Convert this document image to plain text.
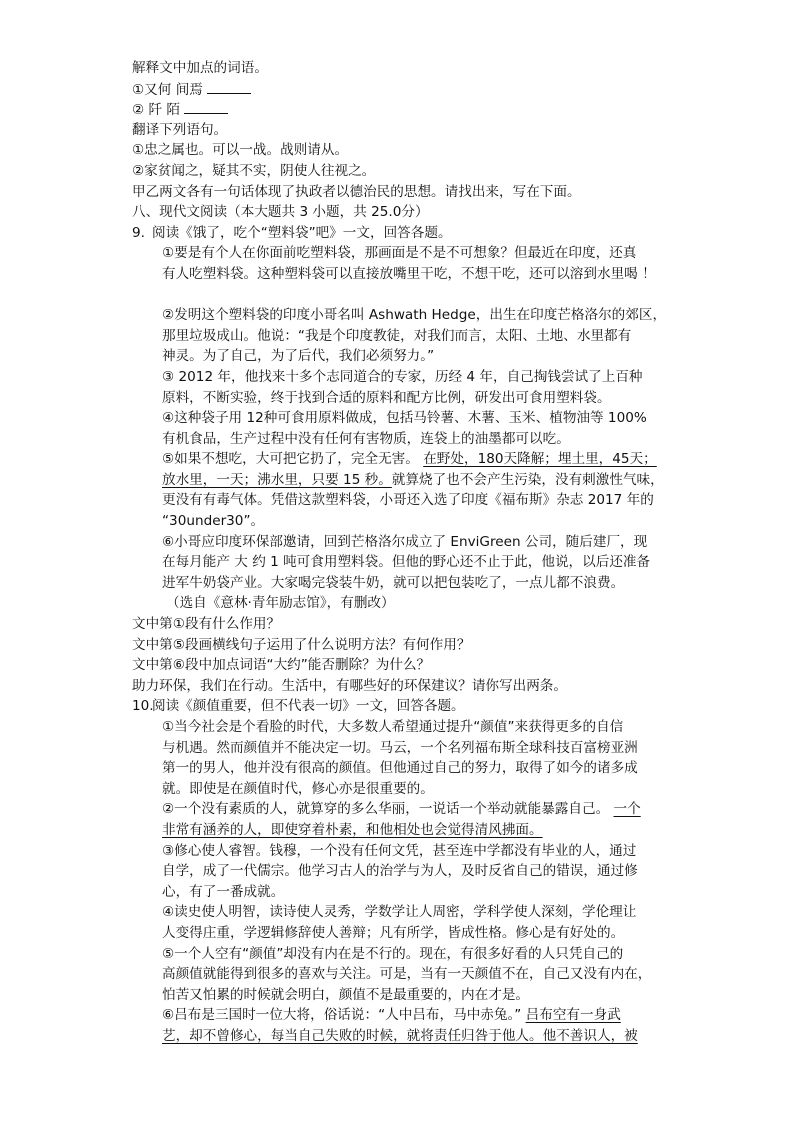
解释文中加点的词语。
①又何 间焉
② 阡 陌
翻译下列语句。
①忠之属也。可以一战。战则请从。
②家贫闻之，疑其不实，阴使人往视之。
甲乙两文各有一句话体现了执政者以德治民的思想。请找出来，写在下面。
八、现代文阅读（本大题共 3 小题，共 25.0分）
9. 阅读《饿了，吃个“塑料袋”吧》一文，回答各题。
①要是有个人在你面前吃塑料袋，那画面是不是不可想象？但最近在印度，还真
有人吃塑料袋。这种塑料袋可以直接放嘴里干吃，不想干吃，还可以溶到水里喝 ！
②发明这个塑料袋的印度小哥名叫 Ashwath Hedge，出生在印度芒格洛尔的郊区，
那里垃圾成山。他说：“我是个印度教徒，对我们而言，太阳、土地、水里都有
神灵。为了自己，为了后代，我们必须努力。”
③ 2012 年，他找来十多个志同道合的专家，历经 4 年，自己掏钱尝试了上百种
原料，不断实验，终于找到合适的原料和配方比例，研发出可食用塑料袋。
④这种袋子用 12种可食用原料做成，包括马铃薯、木薯、玉米、植物油等 100%
有机食品，生产过程中没有任何有害物质，连袋上的油墨都可以吃。
⑤如果不想吃，大可把它扔了，完全无害。 在野处，180天降解；埋土里，45天；
放水里，一天；沸水里，只要 15 秒。就算烧了也不会产生污染，没有刺激性气味，
更没有有毒气体。凭借这款塑料袋，小哥还入选了印度《福布斯》杂志 2017 年的
“30under30”。
⑥小哥应印度环保部邀请，回到芒格洛尔成立了 EnviGreen 公司，随后建厂，现
在每月能产 大 约 1 吨可食用塑料袋。但他的野心还不止于此，他说，以后还准备
进军牛奶袋产业。大家喝完袋装牛奶，就可以把包装吃了，一点儿都不浪费。
（选自《意林·青年励志馆》，有删改）
文中第①段有什么作用？
文中第⑤段画横线句子运用了什么说明方法？有何作用？
文中第⑥段中加点词语“大约”能否删除？为什么？
助力环保，我们在行动。生活中，有哪些好的环保建议？请你写出两条。
10.阅读《颜值重要，但不代表一切》一文，回答各题。
①当今社会是个看脸的时代，大多数人希望通过提升“颜值”来获得更多的自信
与机遇。然而颜值并不能决定一切。马云，一个名列福布斯全球科技百富榜亚洲
第一的男人，他并没有很高的颜值。但他通过自己的努力，取得了如今的诸多成
就。即使是在颜值时代，修心亦是很重要的。
②一个没有素质的人，就算穿的多么华丽，一说话一个举动就能暴露自己。 一个
非常有涵养的人，即使穿着朴素，和他相处也会觉得清风拂面。
③修心使人睿智。钱穆，一个没有任何文凭，甚至连中学都没有毕业的人，通过
自学，成了一代儒宗。他学习古人的治学与为人，及时反省自己的错误，通过修
心，有了一番成就。
④读史使人明智，读诗使人灵秀，学数学让人周密，学科学使人深刻，学伦理让
人变得庄重，学逻辑修辞使人善辩；凡有所学，皆成性格。修心是有好处的。
⑤一个人空有“颜值”却没有内在是不行的。现在，有很多好看的人只凭自己的
高颜值就能得到很多的喜欢与关注。可是，当有一天颜值不在，自己又没有内在，
怕苦又怕累的时候就会明白，颜值不是最重要的，内在才是。
⑥吕布是三国时一位大将，俗话说：“人中吕布，马中赤兔。” 吕布空有一身武
艺，却不曾修心，每当自己失败的时候，就将责任归咎于他人。他不善识人，被
